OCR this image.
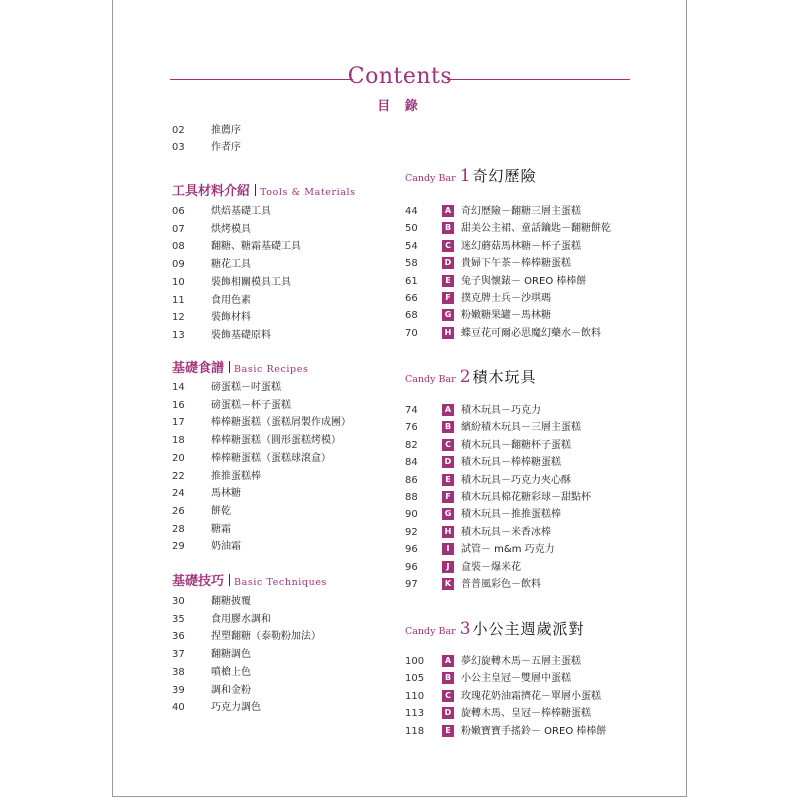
Contents
目 錄
02	推薦序
03	作者序
工具材料介紹 Tools & Materials
06	烘焙基礎工具
07	烘烤模具
08	翻糖、糖霜基礎工具
09	糖花工具
10	裝飾相關模具工具
11	食用色素
12	裝飾材料
13	裝飾基礎原料
基礎食譜 Basic Recipes
14	磅蛋糕－吋蛋糕
16	磅蛋糕－杯子蛋糕
17	棒棒糖蛋糕（蛋糕屑製作成團）
18	棒棒糖蛋糕（圓形蛋糕烤模）
20	棒棒糖蛋糕（蛋糕球滾盒）
22	推推蛋糕棒
24	馬林糖
26	餅乾
28	糖霜
29	奶油霜
基礎技巧 Basic Techniques
30	翻糖披覆
35	食用膠水調和
36	捏塑翻糖（泰勒粉加法）
37	翻糖調色
38	噴槍上色
39	調和金粉
40	巧克力調色
Candy Bar 1 奇幻歷險
44	A 奇幻歷險－翻糖三層主蛋糕
50	B 甜美公主裙、童話鑰匙－翻糖餅乾
54	C	迷幻蘑菇馬林糖－杯子蛋糕
58	D 貴婦下午茶－棒棒糖蛋糕
61	E	兔子與懷錶－ OREO 棒棒餅
66	F	撲克牌士兵－沙琪瑪
68	G 粉嫩糖果罐－馬林糖
70	H 蝶豆花可爾必思魔幻藥水－飲料
Candy Bar 2 積木玩具
74	A 積木玩具－巧克力
76	B 繽紛積木玩具－三層主蛋糕
82	C	積木玩具－翻糖杯子蛋糕
84	D 積木玩具－棒棒糖蛋糕
86	E	積木玩具－巧克力夾心酥
88	F	積木玩具棉花糖彩球－甜點杯
90	G 積木玩具－推推蛋糕棒
92	H 積木玩具－米香冰棒
96	I	試管－ m&m 巧克力
96	J	盒裝－爆米花
97	K 普普風彩色－飲料
Candy Bar 3 小公主週歲派對
100	A 夢幻旋轉木馬－五層主蛋糕
105	B 小公主皇冠－雙層中蛋糕
110	C	玫瑰花奶油霜擠花－單層小蛋糕
113	D 旋轉木馬、皇冠－棒棒糖蛋糕
118	E	粉嫩寶寶手搖鈴－ OREO 棒棒餅
